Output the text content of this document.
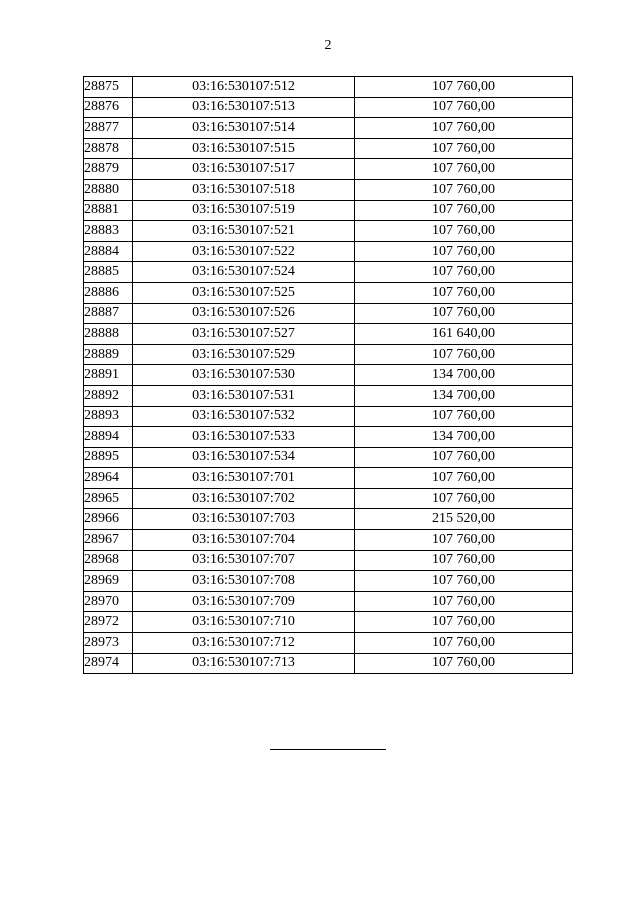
2
28875	03:16:530107:512	107 760,00
28876	03:16:530107:513	107 760,00
28877	03:16:530107:514	107 760,00
28878	03:16:530107:515	107 760,00
28879	03:16:530107:517	107 760,00
28880	03:16:530107:518	107 760,00
28881	03:16:530107:519	107 760,00
28883	03:16:530107:521	107 760,00
28884	03:16:530107:522	107 760,00
28885	03:16:530107:524	107 760,00
28886	03:16:530107:525	107 760,00
28887	03:16:530107:526	107 760,00
28888	03:16:530107:527	161 640,00
28889	03:16:530107:529	107 760,00
28891	03:16:530107:530	134 700,00
28892	03:16:530107:531	134 700,00
28893	03:16:530107:532	107 760,00
28894	03:16:530107:533	134 700,00
28895	03:16:530107:534	107 760,00
28964	03:16:530107:701	107 760,00
28965	03:16:530107:702	107 760,00
28966	03:16:530107:703	215 520,00
28967	03:16:530107:704	107 760,00
28968	03:16:530107:707	107 760,00
28969	03:16:530107:708	107 760,00
28970	03:16:530107:709	107 760,00
28972	03:16:530107:710	107 760,00
28973	03:16:530107:712	107 760,00
28974	03:16:530107:713	107 760,00
